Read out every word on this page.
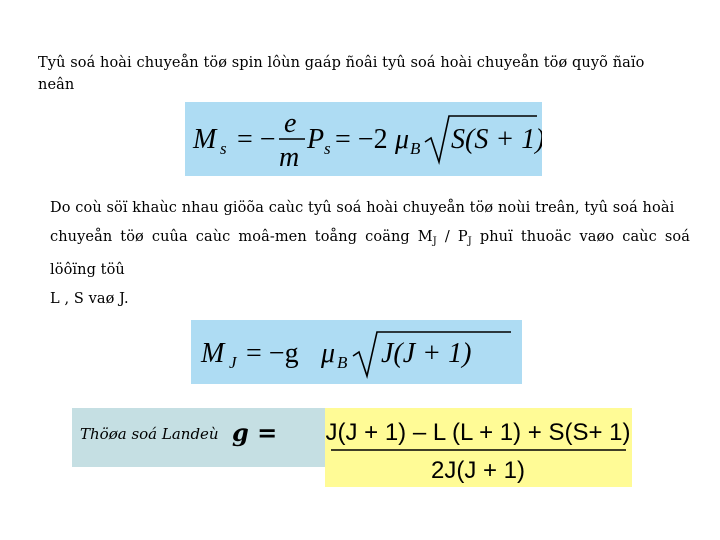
Tyû soá hoài chuyeån töø spin lôùn gaáp ñoâi tyû soá hoài chuyeån töø quyõ ñaïo
neân
M s = −
e
m
P s = −2 μ B S(S + 1)
Do coù söï khaùc nhau giöõa caùc tyû soá hoài chuyeån töø noùi treân, tyû soá hoài
chuyeån töø cuûa caùc moâ-men toång coäng $M_J / P_J$ phuï thuoäc vaøo caùc soá löôïng töû
L , S vaø J.
M J = −g μ B J(J + 1)
Thöøa soá Landeù g = J(J + 1) – L (L + 1) + S(S+ 1)
2J(J + 1)
